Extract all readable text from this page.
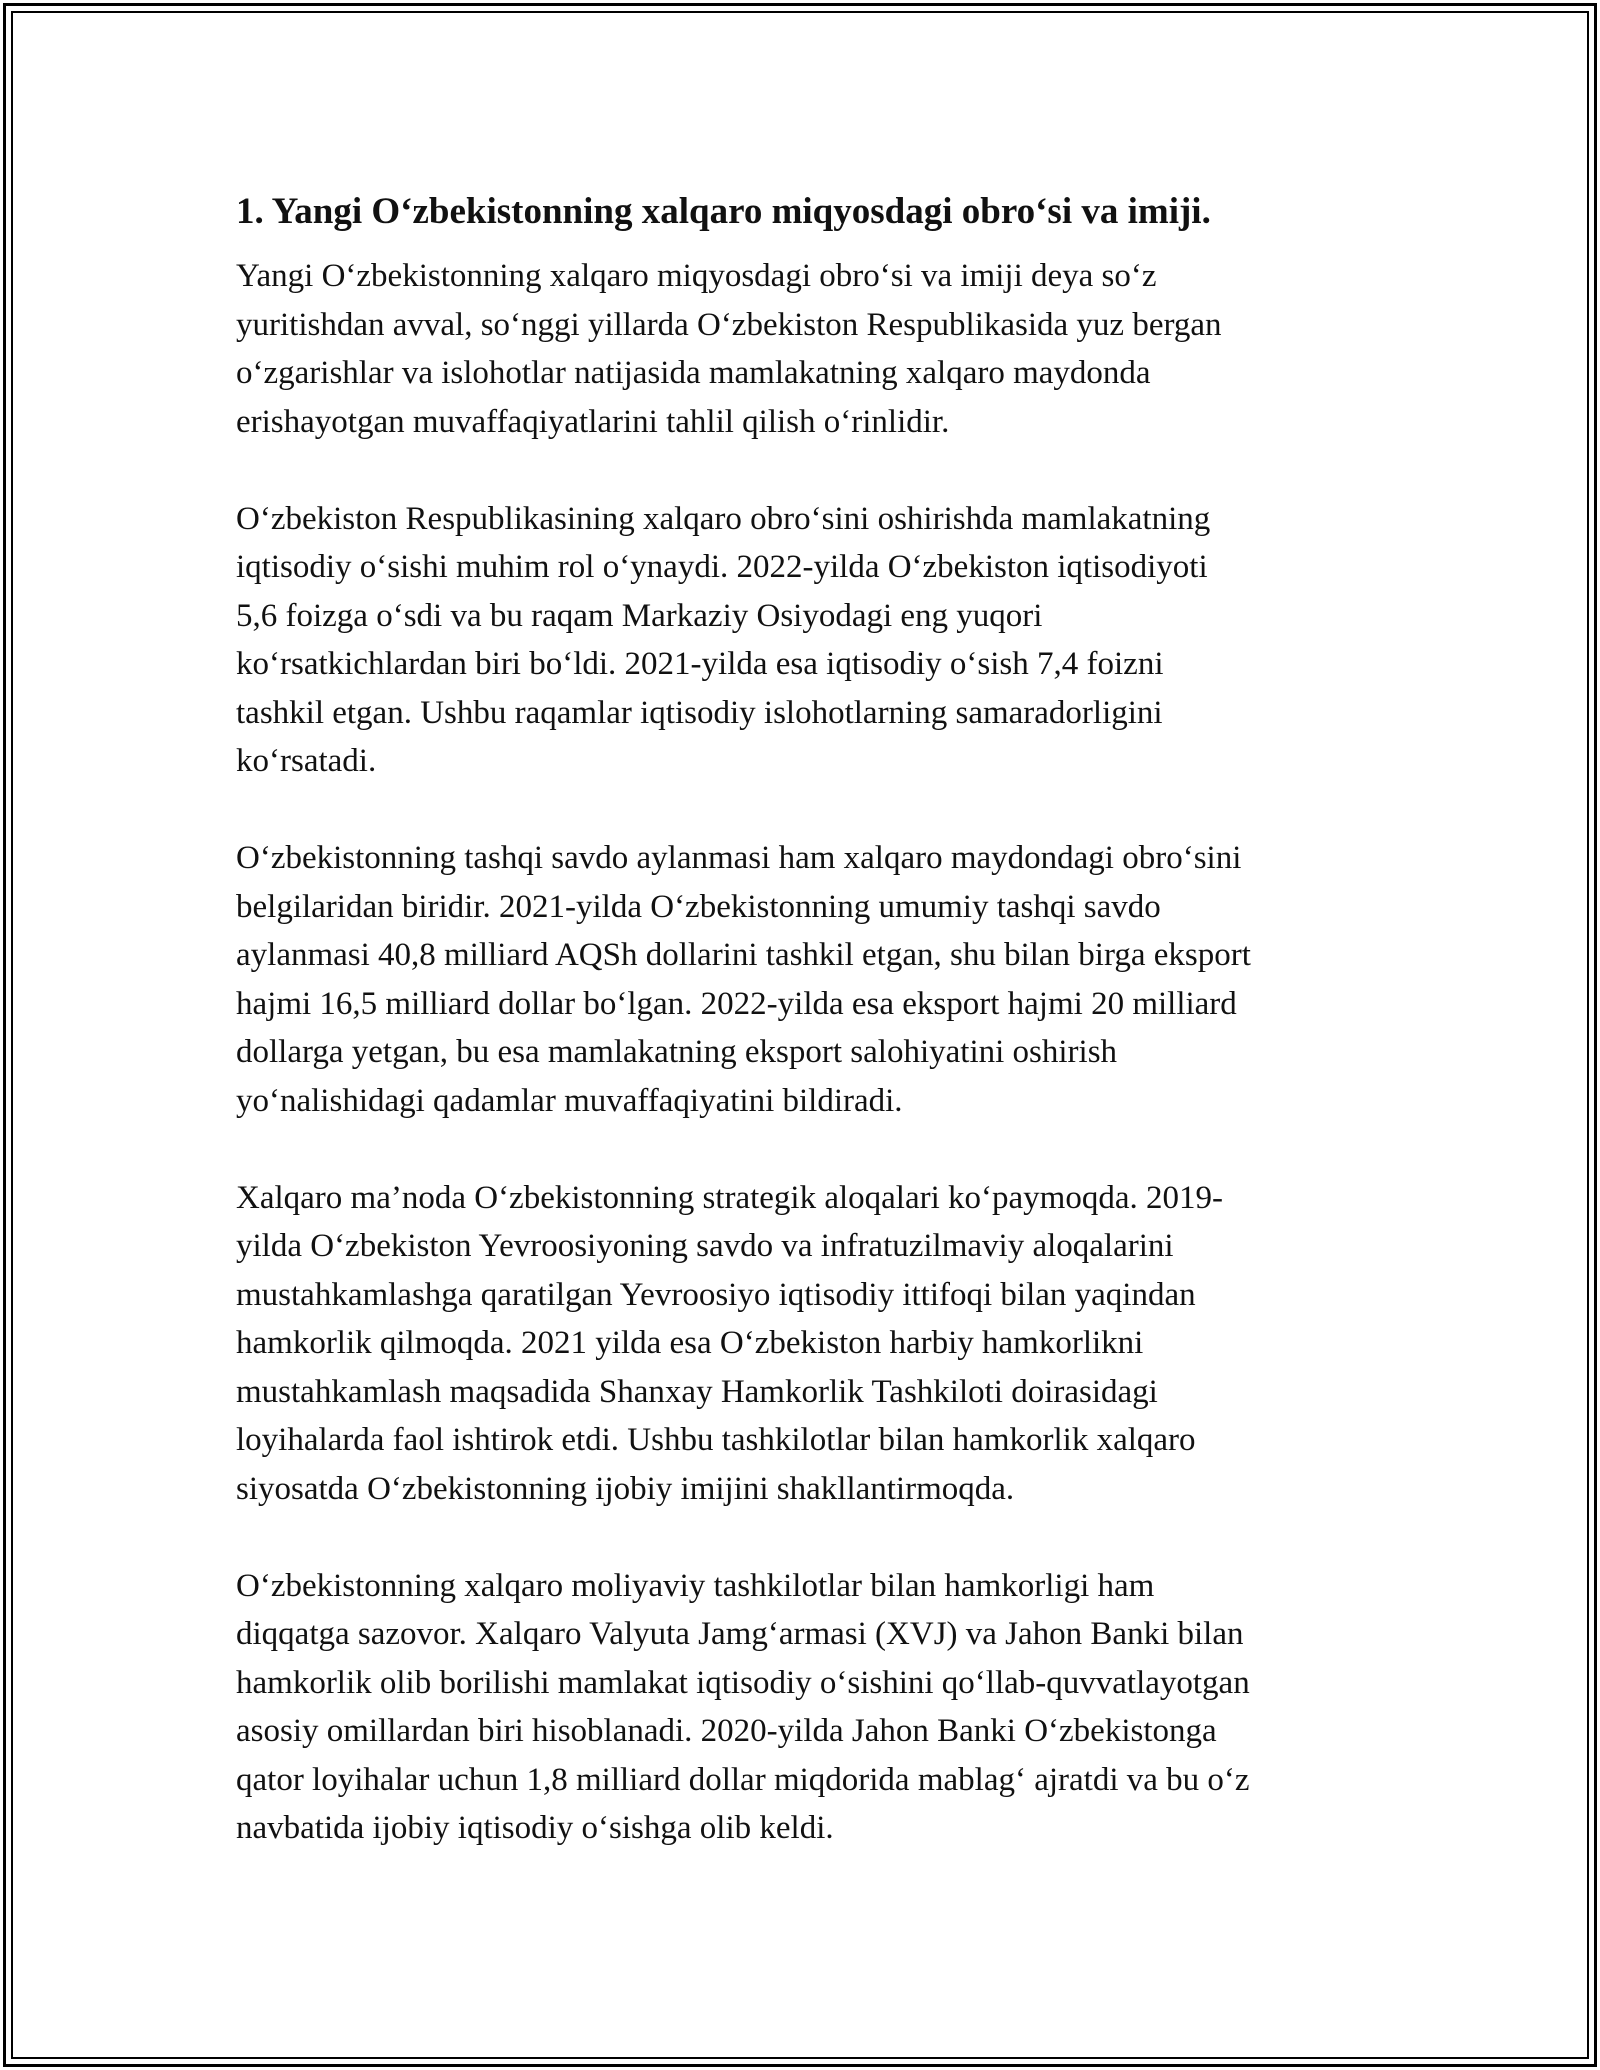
1. Yangi O‘zbekistonning xalqaro miqyosdagi obro‘si va imiji.
Yangi O‘zbekistonning xalqaro miqyosdagi obro‘si va imiji deya so‘z
yuritishdan avval, so‘nggi yillarda O‘zbekiston Respublikasida yuz bergan
o‘zgarishlar va islohotlar natijasida mamlakatning xalqaro maydonda
erishayotgan muvaffaqiyatlarini tahlil qilish o‘rinlidir.
O‘zbekiston Respublikasining xalqaro obro‘sini oshirishda mamlakatning
iqtisodiy o‘sishi muhim rol o‘ynaydi. 2022-yilda O‘zbekiston iqtisodiyoti
5,6 foizga o‘sdi va bu raqam Markaziy Osiyodagi eng yuqori
ko‘rsatkichlardan biri bo‘ldi. 2021-yilda esa iqtisodiy o‘sish 7,4 foizni
tashkil etgan. Ushbu raqamlar iqtisodiy islohotlarning samaradorligini
ko‘rsatadi.
O‘zbekistonning tashqi savdo aylanmasi ham xalqaro maydondagi obro‘sini
belgilaridan biridir. 2021-yilda O‘zbekistonning umumiy tashqi savdo
aylanmasi 40,8 milliard AQSh dollarini tashkil etgan, shu bilan birga eksport
hajmi 16,5 milliard dollar bo‘lgan. 2022-yilda esa eksport hajmi 20 milliard
dollarga yetgan, bu esa mamlakatning eksport salohiyatini oshirish
yo‘nalishidagi qadamlar muvaffaqiyatini bildiradi.
Xalqaro ma’noda O‘zbekistonning strategik aloqalari ko‘paymoqda. 2019-
yilda O‘zbekiston Yevroosiyoning savdo va infratuzilmaviy aloqalarini
mustahkamlashga qaratilgan Yevroosiyo iqtisodiy ittifoqi bilan yaqindan
hamkorlik qilmoqda. 2021 yilda esa O‘zbekiston harbiy hamkorlikni
mustahkamlash maqsadida Shanxay Hamkorlik Tashkiloti doirasidagi
loyihalarda faol ishtirok etdi. Ushbu tashkilotlar bilan hamkorlik xalqaro
siyosatda O‘zbekistonning ijobiy imijini shakllantirmoqda.
O‘zbekistonning xalqaro moliyaviy tashkilotlar bilan hamkorligi ham
diqqatga sazovor. Xalqaro Valyuta Jamg‘armasi (XVJ) va Jahon Banki bilan
hamkorlik olib borilishi mamlakat iqtisodiy o‘sishini qo‘llab-quvvatlayotgan
asosiy omillardan biri hisoblanadi. 2020-yilda Jahon Banki O‘zbekistonga
qator loyihalar uchun 1,8 milliard dollar miqdorida mablag‘ ajratdi va bu o‘z
navbatida ijobiy iqtisodiy o‘sishga olib keldi.
